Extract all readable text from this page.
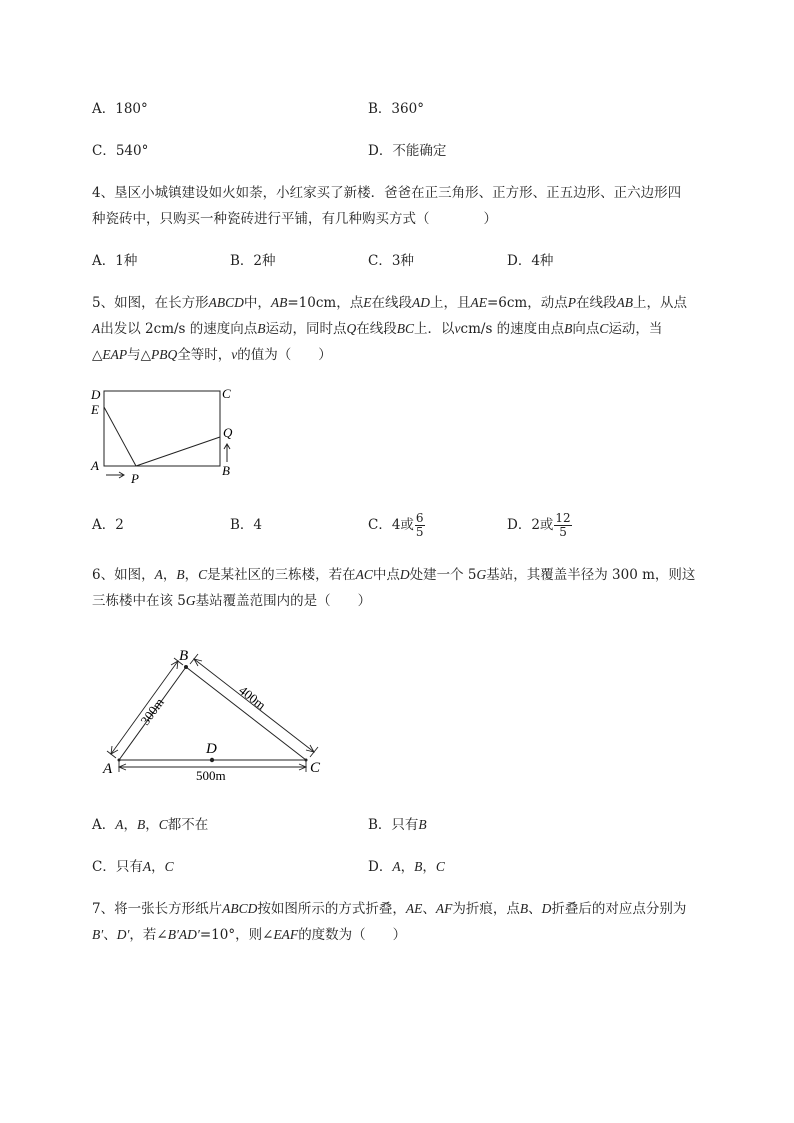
A．180°	B．360°
C．540°	D．不能确定
4、垦区小城镇建设如火如荼，小红家买了新楼．爸爸在正三角形、正方形、正五边形、正六边形四
种瓷砖中，只购买一种瓷砖进行平铺，有几种购买方式（　　　　）
A．1种	B．2种	C．3种	D．4种
5、如图，在长方形ABCD中，AB=10cm，点E在线段AD上，且AE=6cm，动点P在线段AB上，从点
A出发以 2cm/s 的速度向点B运动，同时点Q在线段BC上．以vcm/s 的速度由点B向点C运动，当
△EAP与△PBQ全等时，v的值为（　　）
D
E
A
C
Q
B
P
A．2	B．4	C．4或 $\frac{6}{5}$	D．2或 $\frac{12}{5}$
6、如图，A，B，C是某社区的三栋楼，若在AC中点D处建一个 5G基站，其覆盖半径为 300 m，则这
三栋楼中在该 5G基站覆盖范围内的是（　　）
300m	400m
500m
B
A	C
D
A．A，B，C都不在	B．只有B
C．只有A，C	D．A，B，C
7、将一张长方形纸片ABCD按如图所示的方式折叠，AE、AF为折痕，点B、D折叠后的对应点分别为
B′、D′，若∠B′AD′=10°，则∠EAF的度数为（　　）
